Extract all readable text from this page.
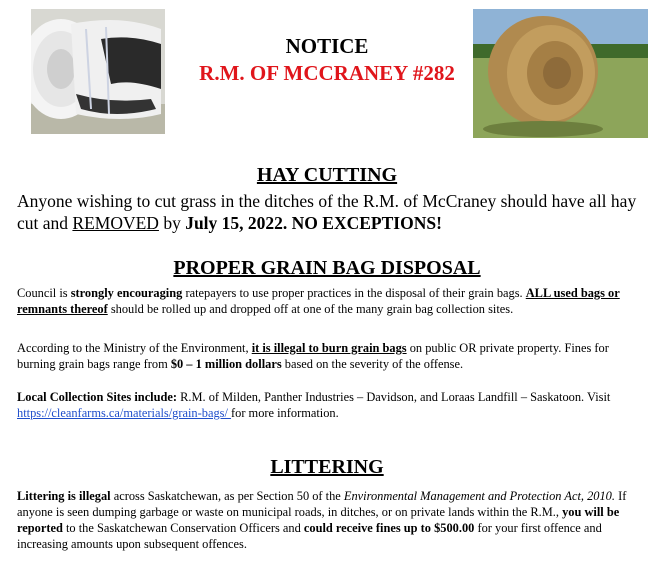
NOTICE
R.M. OF MCCRANEY #282
HAY CUTTING
Anyone wishing to cut grass in the ditches of the R.M. of McCraney should have all hay cut and REMOVED by July 15, 2022. NO EXCEPTIONS!
PROPER GRAIN BAG DISPOSAL
Council is strongly encouraging ratepayers to use proper practices in the disposal of their grain bags. ALL used bags or remnants thereof should be rolled up and dropped off at one of the many grain bag collection sites.
According to the Ministry of the Environment, it is illegal to burn grain bags on public OR private property. Fines for burning grain bags range from $0 – 1 million dollars based on the severity of the offense.
Local Collection Sites include: R.M. of Milden, Panther Industries – Davidson, and Loraas Landfill – Saskatoon. Visit https://cleanfarms.ca/materials/grain-bags/ for more information.
LITTERING
Littering is illegal across Saskatchewan, as per Section 50 of the Environmental Management and Protection Act, 2010. If anyone is seen dumping garbage or waste on municipal roads, in ditches, or on private lands within the R.M., you will be reported to the Saskatchewan Conservation Officers and could receive fines up to $500.00 for your first offence and increasing amounts upon subsequent offences.
